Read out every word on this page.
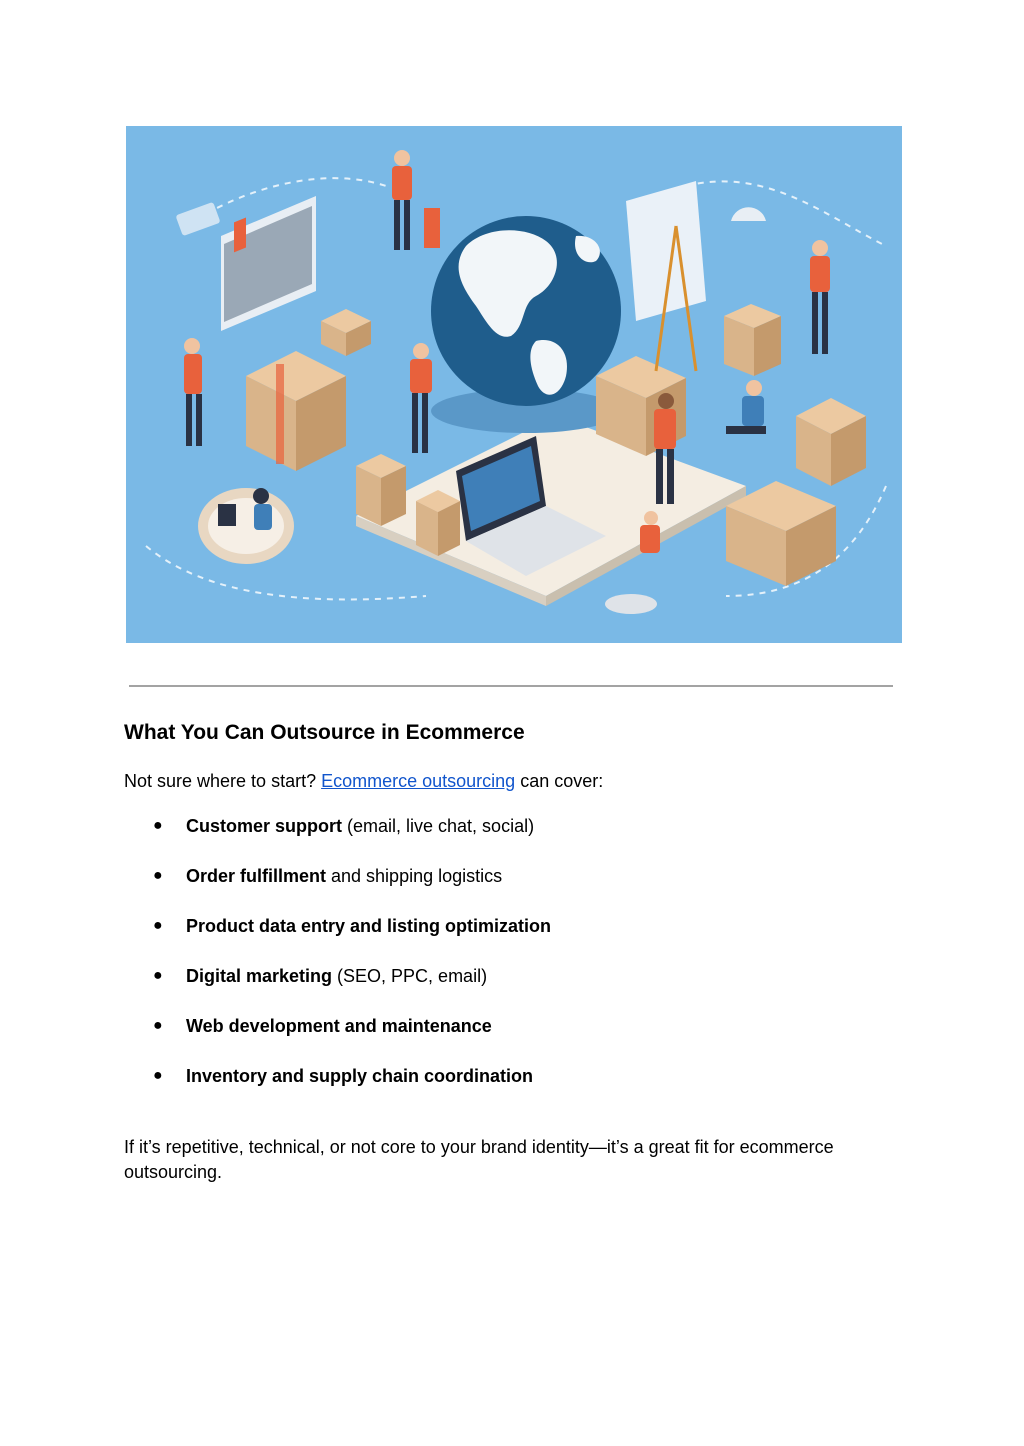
What You Can Outsource in Ecommerce

Not sure where to start? Ecommerce outsourcing can cover:

● Customer support (email, live chat, social)
● Order fulfillment and shipping logistics
● Product data entry and listing optimization
● Digital marketing (SEO, PPC, email)
● Web development and maintenance
● Inventory and supply chain coordination

If it’s repetitive, technical, or not core to your brand identity—it’s a great fit for ecommerce outsourcing.
